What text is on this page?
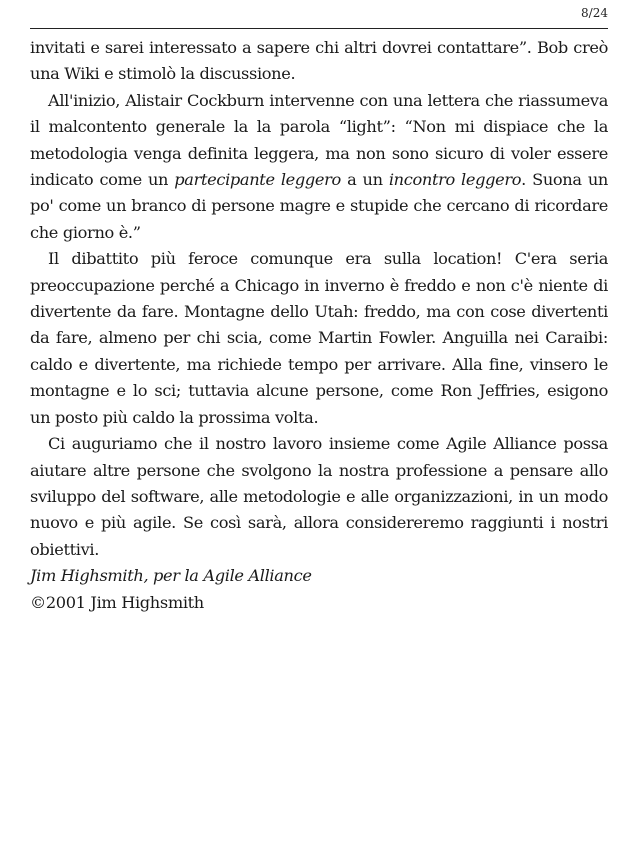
8/24

invitati e sarei interessato a sapere chi altri dovrei contattare”. Bob creò una Wiki e stimolò la discussione.

All'inizio, Alistair Cockburn intervenne con una lettera che riassumeva il malcontento generale la la parola “light”: “Non mi dispiace che la metodologia venga definita leggera, ma non sono sicuro di voler essere indicato come un partecipante leggero a un incontro leggero. Suona un po' come un branco di persone magre e stupide che cercano di ricordare che giorno è.”

Il dibattito più feroce comunque era sulla location! C'era seria preoccupazione perché a Chicago in inverno è freddo e non c'è niente di divertente da fare. Montagne dello Utah: freddo, ma con cose divertenti da fare, almeno per chi scia, come Martin Fowler. Anguilla nei Caraibi: caldo e divertente, ma richiede tempo per arrivare. Alla fine, vinsero le montagne e lo sci; tuttavia alcune persone, come Ron Jeffries, esigono un posto più caldo la prossima volta.

Ci auguriamo che il nostro lavoro insieme come Agile Alliance possa aiutare altre persone che svolgono la nostra professione a pensare allo sviluppo del software, alle metodologie e alle organizzazioni, in un modo nuovo e più agile. Se così sarà, allora considereremo raggiunti i nostri obiettivi.

Jim Highsmith, per la Agile Alliance

©2001 Jim Highsmith
